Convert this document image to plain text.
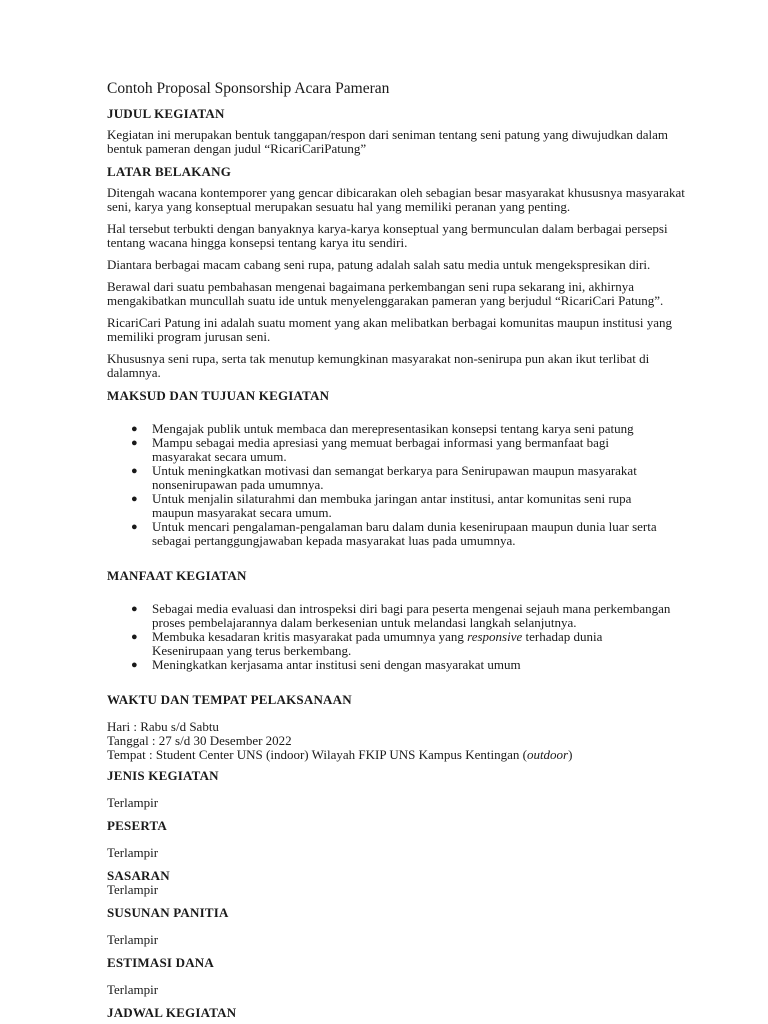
Contoh Proposal Sponsorship Acara Pameran
JUDUL KEGIATAN

Kegiatan ini merupakan bentuk tanggapan/respon dari seniman tentang seni patung yang diwujudkan dalam bentuk pameran dengan judul “RicariCariPatung”

LATAR BELAKANG

Ditengah wacana kontemporer yang gencar dibicarakan oleh sebagian besar masyarakat khususnya masyarakat seni, karya yang konseptual merupakan sesuatu hal yang memiliki peranan yang penting.

Hal tersebut terbukti dengan banyaknya karya-karya konseptual yang bermunculan dalam berbagai persepsi tentang wacana hingga konsepsi tentang karya itu sendiri.

Diantara berbagai macam cabang seni rupa, patung adalah salah satu media untuk mengekspresikan diri.

Berawal dari suatu pembahasan mengenai bagaimana perkembangan seni rupa sekarang ini, akhirnya mengakibatkan muncullah suatu ide untuk menyelenggarakan pameran yang berjudul “RicariCari Patung”.

RicariCari Patung ini adalah suatu moment yang akan melibatkan berbagai komunitas maupun institusi yang memiliki program jurusan seni.

Khususnya seni rupa, serta tak menutup kemungkinan masyarakat non-senirupa pun akan ikut terlibat di dalamnya.

MAKSUD DAN TUJUAN KEGIATAN
● Mengajak publik untuk membaca dan merepresentasikan konsepsi tentang karya seni patung
● Mampu sebagai media apresiasi yang memuat berbagai informasi yang bermanfaat bagi
masyarakat secara umum.
● Untuk meningkatkan motivasi dan semangat berkarya para Senirupawan maupun masyarakat
nonsenirupawan pada umumnya.
● Untuk menjalin silaturahmi dan membuka jaringan antar institusi, antar komunitas seni rupa
maupun masyarakat secara umum.
● Untuk mencari pengalaman-pengalaman baru dalam dunia kesenirupaan maupun dunia luar serta
sebagai pertanggungjawaban kepada masyarakat luas pada umumnya.
MANFAAT KEGIATAN
● Sebagai media evaluasi dan introspeksi diri bagi para peserta mengenai sejauh mana perkembangan
proses pembelajarannya dalam berkesenian untuk melandasi langkah selanjutnya.
● Membuka kesadaran kritis masyarakat pada umumnya yang responsive terhadap dunia
Kesenirupaan yang terus berkembang.
● Meningkatkan kerjasama antar institusi seni dengan masyarakat umum
WAKTU DAN TEMPAT PELAKSANAAN
Hari : Rabu s/d Sabtu
Tanggal : 27 s/d 30 Desember 2022
Tempat : Student Center UNS (indoor) Wilayah FKIP UNS Kampus Kentingan (outdoor)
JENIS KEGIATAN

Terlampir

PESERTA

Terlampir

SASARAN

Terlampir

SUSUNAN PANITIA

Terlampir

ESTIMASI DANA

Terlampir

JADWAL KEGIATAN
